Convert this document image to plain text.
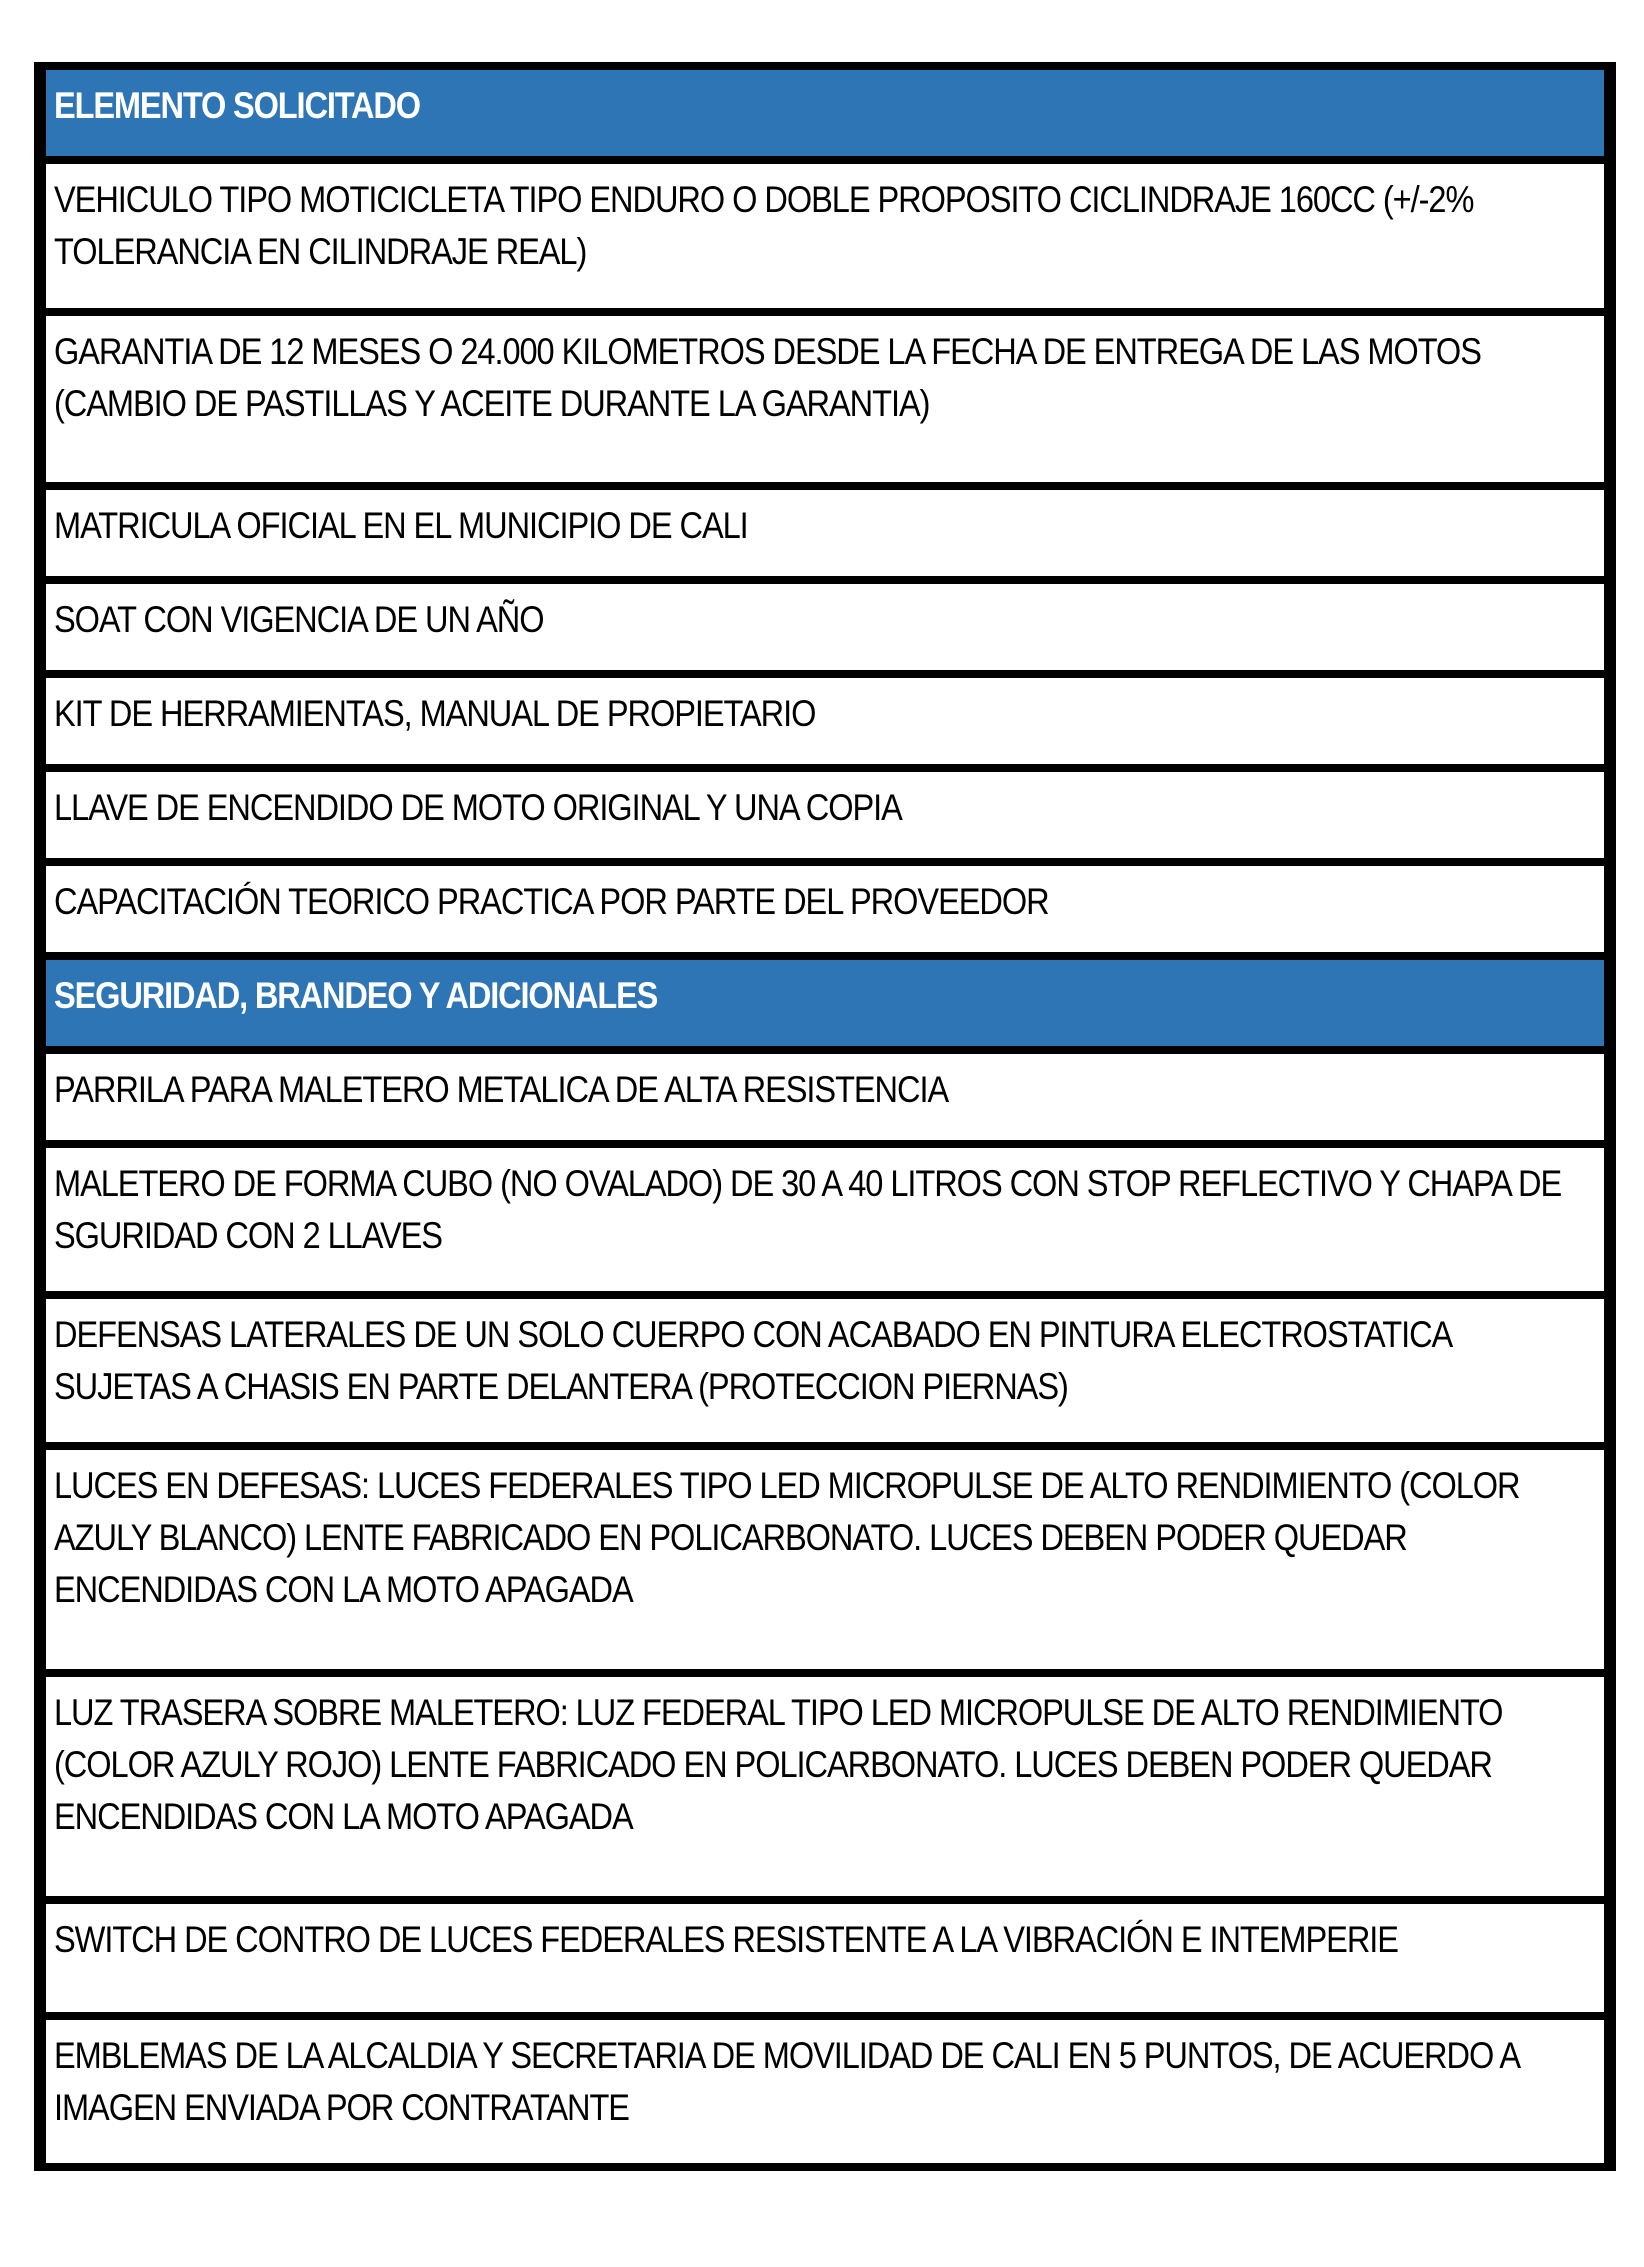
ELEMENTO SOLICITADO
VEHICULO TIPO MOTICICLETA TIPO ENDURO O DOBLE PROPOSITO CICLINDRAJE 160CC (+/-2% TOLERANCIA EN CILINDRAJE REAL)
GARANTIA DE 12 MESES O 24.000 KILOMETROS DESDE LA FECHA DE ENTREGA DE LAS MOTOS (CAMBIO DE PASTILLAS Y ACEITE DURANTE LA GARANTIA)
MATRICULA OFICIAL EN EL MUNICIPIO DE CALI
SOAT CON VIGENCIA DE UN AÑO
KIT DE HERRAMIENTAS, MANUAL DE PROPIETARIO
LLAVE DE ENCENDIDO DE MOTO ORIGINAL Y UNA COPIA
CAPACITACIÓN TEORICO PRACTICA POR PARTE DEL PROVEEDOR
SEGURIDAD, BRANDEO Y ADICIONALES
PARRILA PARA MALETERO METALICA DE ALTA RESISTENCIA
MALETERO DE FORMA CUBO (NO OVALADO) DE 30 A 40 LITROS CON STOP REFLECTIVO Y CHAPA DE SGURIDAD CON 2 LLAVES
DEFENSAS LATERALES DE UN SOLO CUERPO CON ACABADO EN PINTURA ELECTROSTATICA SUJETAS A CHASIS EN PARTE DELANTERA (PROTECCION PIERNAS)
LUCES EN DEFESAS: LUCES FEDERALES TIPO LED MICROPULSE DE ALTO RENDIMIENTO (COLOR AZULY BLANCO) LENTE FABRICADO EN POLICARBONATO. LUCES DEBEN PODER QUEDAR ENCENDIDAS CON LA MOTO APAGADA
LUZ TRASERA SOBRE MALETERO: LUZ FEDERAL TIPO LED MICROPULSE DE ALTO RENDIMIENTO (COLOR AZULY ROJO) LENTE FABRICADO EN POLICARBONATO. LUCES DEBEN PODER QUEDAR ENCENDIDAS CON LA MOTO APAGADA
SWITCH DE CONTRO DE LUCES FEDERALES RESISTENTE A LA VIBRACIÓN E INTEMPERIE
EMBLEMAS DE LA ALCALDIA Y SECRETARIA DE MOVILIDAD DE CALI EN 5 PUNTOS, DE ACUERDO A IMAGEN ENVIADA POR CONTRATANTE
